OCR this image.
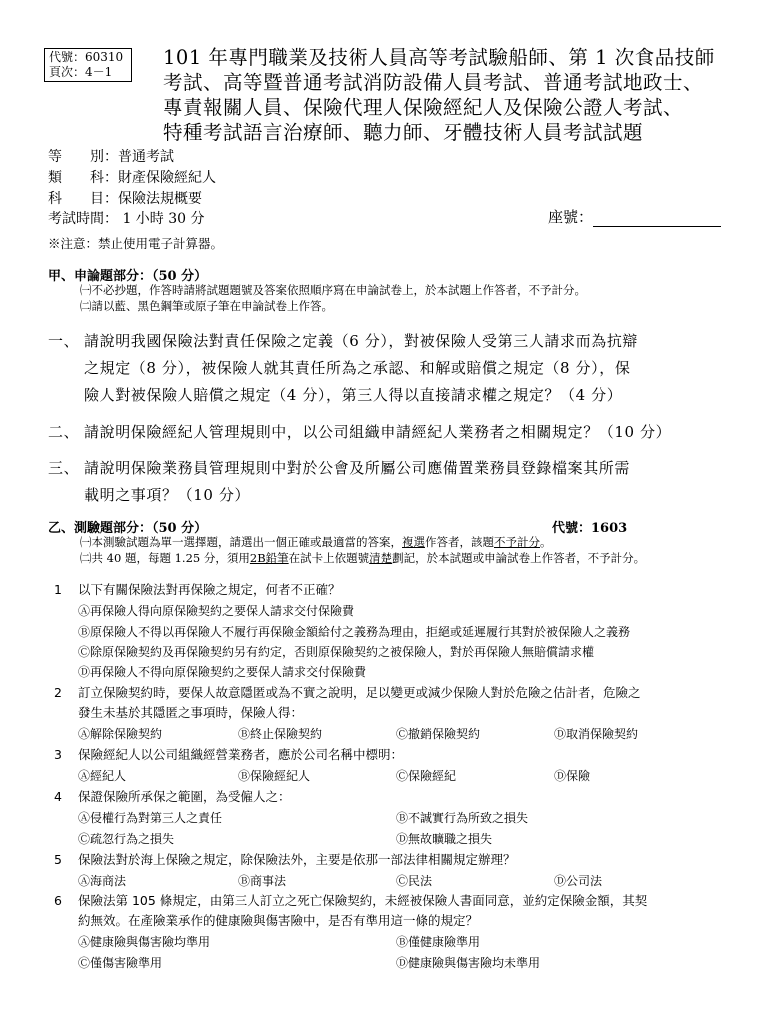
代號：60310
頁次：4－1
101 年專門職業及技術人員高等考試驗船師、第 1 次食品技師
考試、高等暨普通考試消防設備人員考試、普通考試地政士、
專責報關人員、保險代理人保險經紀人及保險公證人考試、
特種考試語言治療師、聽力師、牙體技術人員考試試題
等　　別：普通考試
類　　科：財產保險經紀人
科　　目：保險法規概要
考試時間： 1 小時 30 分	座號：
※注意：禁止使用電子計算器。
甲、申論題部分：（50 分）
㈠不必抄題，作答時請將試題題號及答案依照順序寫在申論試卷上，於本試題上作答者，不予計分。
㈡請以藍、黑色鋼筆或原子筆在申論試卷上作答。
一、 請說明我國保險法對責任保險之定義（6 分），對被保險人受第三人請求而為抗辯
之規定（8 分），被保險人就其責任所為之承認、和解或賠償之規定（8 分），保
險人對被保險人賠償之規定（4 分），第三人得以直接請求權之規定？（4 分）
二、 請說明保險經紀人管理規則中，以公司組織申請經紀人業務者之相關規定？（10 分）
三、 請說明保險業務員管理規則中對於公會及所屬公司應備置業務員登錄檔案其所需
載明之事項？（10 分）
乙、測驗題部分：（50 分）	代號：1603
㈠本測驗試題為單一選擇題，請選出一個正確或最適當的答案，複選作答者，該題不予計分。
㈡共 40 題，每題 1.25 分，須用2B鉛筆在試卡上依題號清楚劃記，於本試題或申論試卷上作答者，不予計分。
1	以下有關保險法對再保險之規定，何者不正確？
Ⓐ再保險人得向原保險契約之要保人請求交付保險費
Ⓑ原保險人不得以再保險人不履行再保險金額給付之義務為理由，拒絕或延遲履行其對於被保險人之義務
Ⓒ除原保險契約及再保險契約另有約定，否則原保險契約之被保險人，對於再保險人無賠償請求權
Ⓓ再保險人不得向原保險契約之要保人請求交付保險費
2	訂立保險契約時，要保人故意隱匿或為不實之說明，足以變更或減少保險人對於危險之估計者，危險之
發生未基於其隱匿之事項時，保險人得：
Ⓐ解除保險契約	Ⓑ終止保險契約	Ⓒ撤銷保險契約	Ⓓ取消保險契約
3	保險經紀人以公司組織經營業務者，應於公司名稱中標明：
Ⓐ經紀人	Ⓑ保險經紀人	Ⓒ保險經紀	Ⓓ保險
4	保證保險所承保之範圍，為受僱人之：
Ⓐ侵權行為對第三人之責任	Ⓑ不誠實行為所致之損失
Ⓒ疏忽行為之損失	Ⓓ無故曠職之損失
5	保險法對於海上保險之規定，除保險法外，主要是依那一部法律相關規定辦理？
Ⓐ海商法	Ⓑ商事法	Ⓒ民法	Ⓓ公司法
6	保險法第 105 條規定，由第三人訂立之死亡保險契約，未經被保險人書面同意，並約定保險金額，其契
約無效。在產險業承作的健康險與傷害險中，是否有準用這一條的規定？
Ⓐ健康險與傷害險均準用	Ⓑ僅健康險準用
Ⓒ僅傷害險準用	Ⓓ健康險與傷害險均未準用
